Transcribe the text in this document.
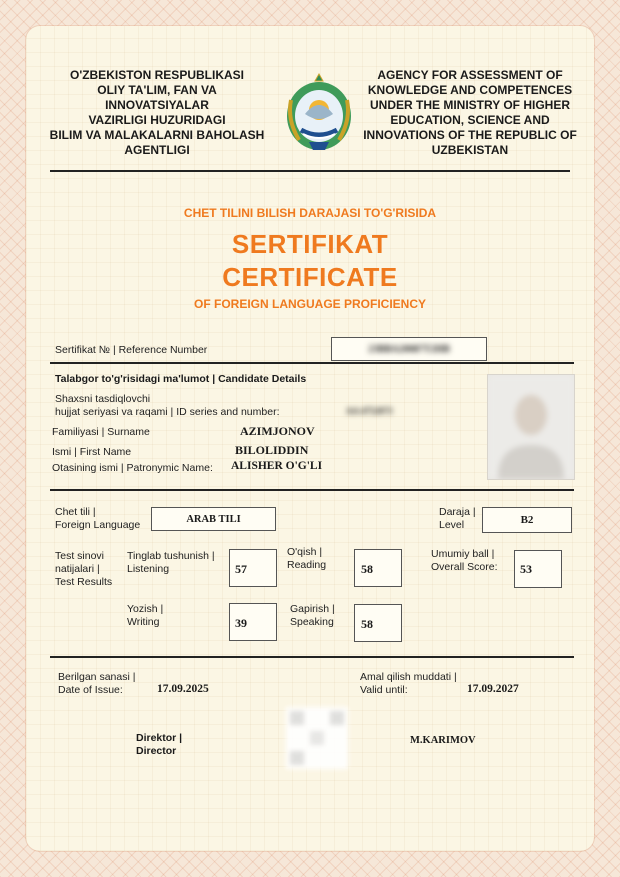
O'ZBEKISTON RESPUBLIKASI
OLIY TA'LIM, FAN VA INNOVATSIYALAR
VAZIRLIGI HUZURIDAGI
BILIM VA MALAKALARNI BAHOLASH
AGENTLIGI
AGENCY FOR ASSESSMENT OF
KNOWLEDGE AND COMPETENCES
UNDER THE MINISTRY OF HIGHER
EDUCATION, SCIENCE AND
INNOVATIONS OF THE REPUBLIC OF
UZBEKISTAN
CHET TILINI BILISH DARAJASI TO'G'RISIDA
SERTIFIKAT
CERTIFICATE
OF FOREIGN LANGUAGE PROFICIENCY
Sertifikat № | Reference Number	23BBA20087T2HB
Talabgor to'g'risidagi ma'lumot | Candidate Details
Shaxsni tasdiqlovchi
hujjat seriyasi va raqami | ID series and number:	AA 4752073
Familiyasi | Surname	AZIMJONOV
Ismi | First Name	BILOLIDDIN
Otasining ismi | Patronymic Name: ALISHER O'G'LI
Chet tili |
Foreign Language	ARAB TILI
Daraja |
Level	B2
Test sinovi
natijalari |
Test Results
Tinglab tushunish |
Listening	57
O'qish |
Reading	58
Umumiy ball |
Overall Score: 53
Yozish |
Writing	39
Gapirish |
Speaking 58
Berilgan sanasi |
Date of Issue:	17.09.2025
Amal qilish muddati |
Valid until:	17.09.2027
Direktor |
Director
M.KARIMOV
